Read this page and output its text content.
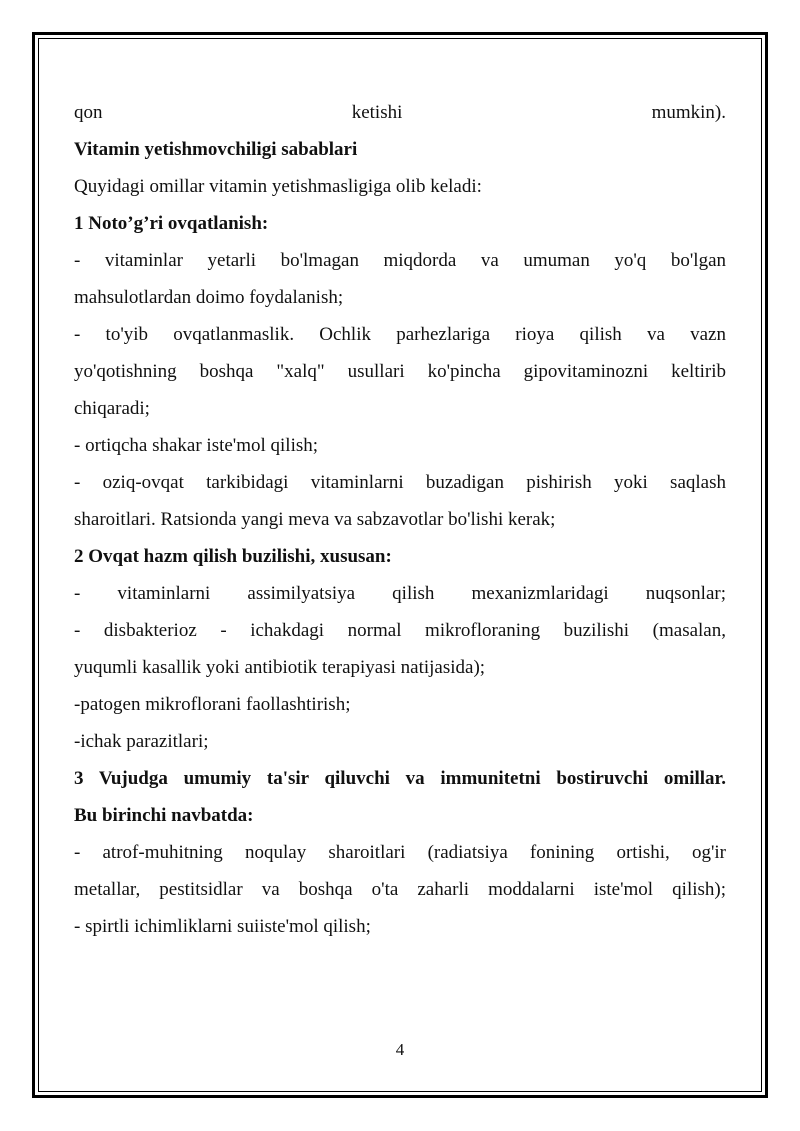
qon	ketishi	mumkin).
Vitamin yetishmovchiligi sabablari
Quyidagi omillar vitamin yetishmasligiga olib keladi:
1 Noto’g’ri ovqatlanish:
- vitaminlar yetarli bo'lmagan miqdorda va umuman yo'q bo'lgan
mahsulotlardan doimo foydalanish;
- to'yib ovqatlanmaslik. Ochlik parhezlariga rioya qilish va vazn
yo'qotishning boshqa "xalq" usullari ko'pincha gipovitaminozni keltirib
chiqaradi;
- ortiqcha shakar iste'mol qilish;
- oziq-ovqat tarkibidagi vitaminlarni buzadigan pishirish yoki saqlash
sharoitlari. Ratsionda yangi meva va sabzavotlar bo'lishi kerak;
2 Ovqat hazm qilish buzilishi, xususan:
- vitaminlarni assimilyatsiya qilish mexanizmlaridagi nuqsonlar;
- disbakterioz - ichakdagi normal mikrofloraning buzilishi (masalan,
yuqumli kasallik yoki antibiotik terapiyasi natijasida);
-patogen mikroflorani faollashtirish;
-ichak parazitlari;
3 Vujudga umumiy ta'sir qiluvchi va immunitetni bostiruvchi omillar.
Bu birinchi navbatda:
- atrof-muhitning noqulay sharoitlari (radiatsiya fonining ortishi, og'ir
metallar, pestitsidlar va boshqa o'ta zaharli moddalarni iste'mol qilish);
- spirtli ichimliklarni suiiste'mol qilish;
4
